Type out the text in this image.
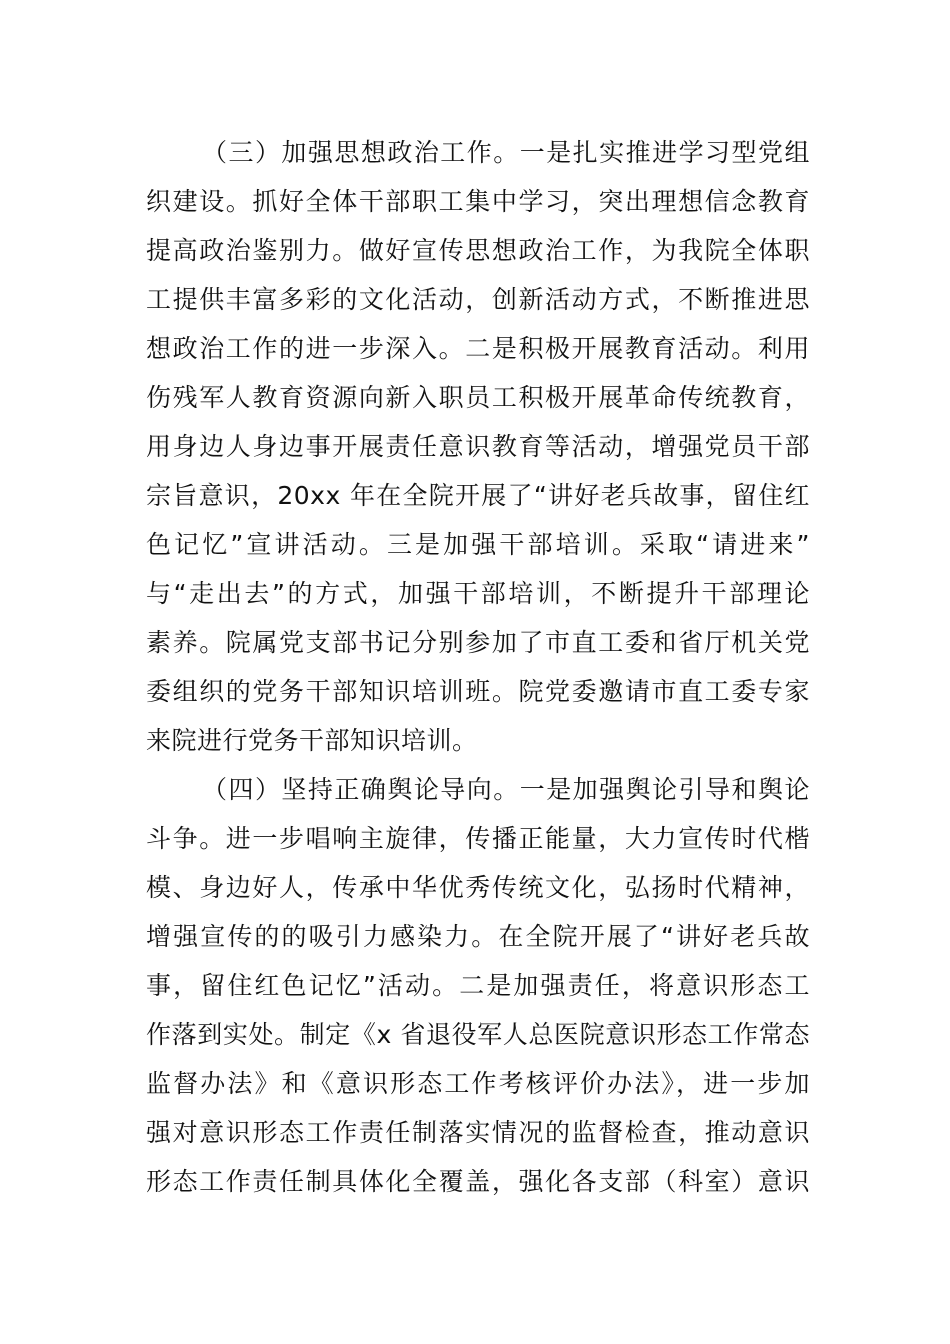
（三）加强思想政治工作。一是扎实推进学习型党组
织建设。抓好全体干部职工集中学习，突出理想信念教育
提高政治鉴别力。做好宣传思想政治工作，为我院全体职
工提供丰富多彩的文化活动，创新活动方式，不断推进思
想政治工作的进一步深入。二是积极开展教育活动。利用
伤残军人教育资源向新入职员工积极开展革命传统教育，
用身边人身边事开展责任意识教育等活动，增强党员干部
宗旨意识，20xx 年在全院开展了“讲好老兵故事，留住红
色记忆”宣讲活动。三是加强干部培训。采取“请进来”
与“走出去”的方式，加强干部培训，不断提升干部理论
素养。院属党支部书记分别参加了市直工委和省厅机关党
委组织的党务干部知识培训班。院党委邀请市直工委专家
来院进行党务干部知识培训。
（四）坚持正确舆论导向。一是加强舆论引导和舆论
斗争。进一步唱响主旋律，传播正能量，大力宣传时代楷
模、身边好人，传承中华优秀传统文化，弘扬时代精神，
增强宣传的的吸引力感染力。在全院开展了“讲好老兵故
事，留住红色记忆”活动。二是加强责任，将意识形态工
作落到实处。制定《x 省退役军人总医院意识形态工作常态
监督办法》和《意识形态工作考核评价办法》，进一步加
强对意识形态工作责任制落实情况的监督检查，推动意识
形态工作责任制具体化全覆盖，强化各支部（科室）意识
